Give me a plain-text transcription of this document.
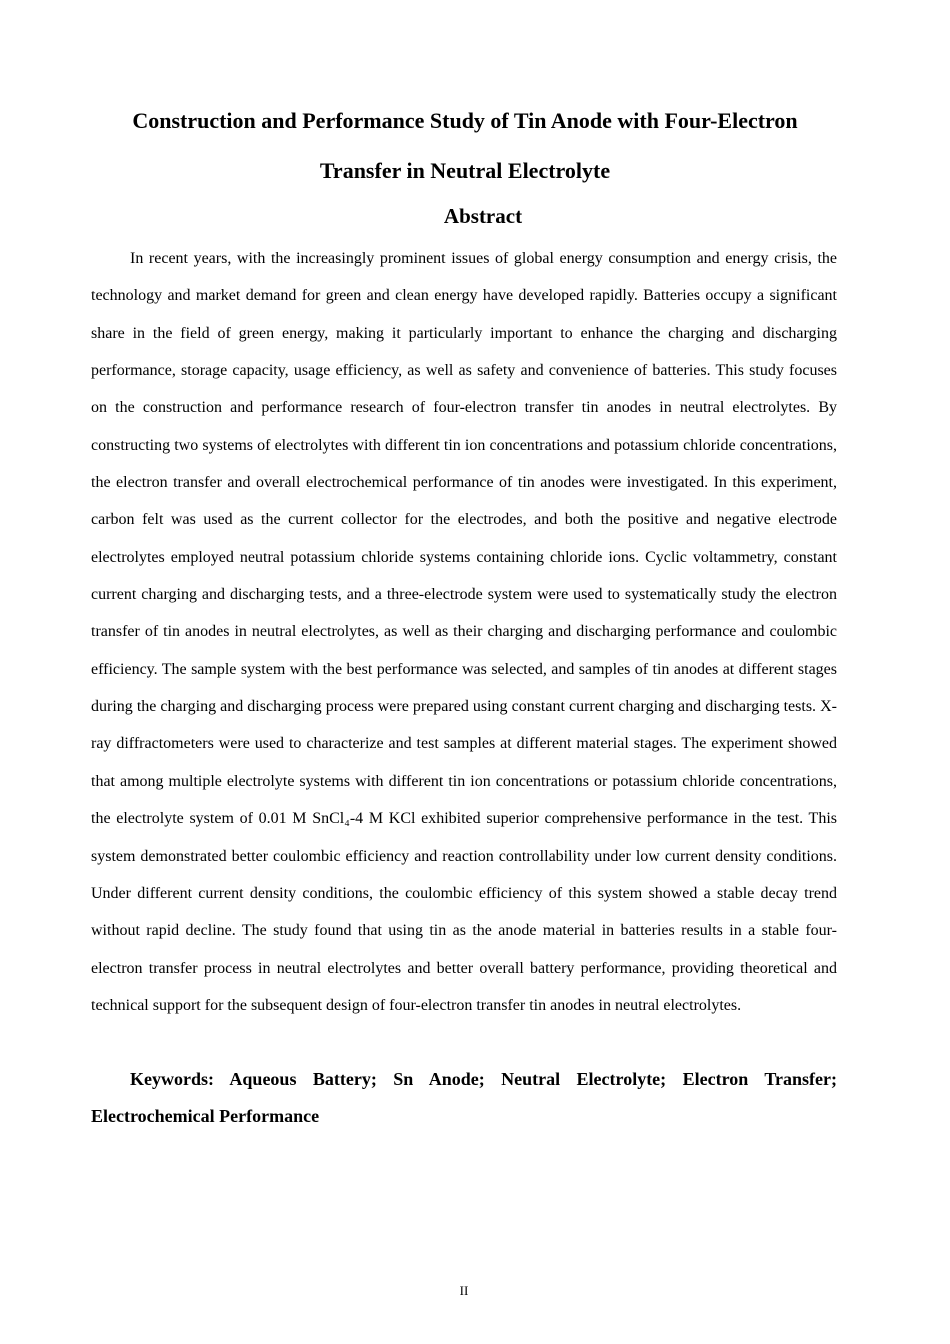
Construction and Performance Study of Tin Anode with Four-Electron Transfer in Neutral Electrolyte
Abstract

In recent years, with the increasingly prominent issues of global energy consumption and energy crisis, the technology and market demand for green and clean energy have developed rapidly. Batteries occupy a significant share in the field of green energy, making it particularly important to enhance the charging and discharging performance, storage capacity, usage efficiency, as well as safety and convenience of batteries. This study focuses on the construction and performance research of four-electron transfer tin anodes in neutral electrolytes. By constructing two systems of electrolytes with different tin ion concentrations and potassium chloride concentrations, the electron transfer and overall electrochemical performance of tin anodes were investigated. In this experiment, carbon felt was used as the current collector for the electrodes, and both the positive and negative electrode electrolytes employed neutral potassium chloride systems containing chloride ions. Cyclic voltammetry, constant current charging and discharging tests, and a three-electrode system were used to systematically study the electron transfer of tin anodes in neutral electrolytes, as well as their charging and discharging performance and coulombic efficiency. The sample system with the best performance was selected, and samples of tin anodes at different stages during the charging and discharging process were prepared using constant current charging and discharging tests. X-ray diffractometers were used to characterize and test samples at different material stages. The experiment showed that among multiple electrolyte systems with different tin ion concentrations or potassium chloride concentrations, the electrolyte system of 0.01 M SnCl₄-4 M KCl exhibited superior comprehensive performance in the test. This system demonstrated better coulombic efficiency and reaction controllability under low current density conditions. Under different current density conditions, the coulombic efficiency of this system showed a stable decay trend without rapid decline. The study found that using tin as the anode material in batteries results in a stable four-electron transfer process in neutral electrolytes and better overall battery performance, providing theoretical and technical support for the subsequent design of four-electron transfer tin anodes in neutral electrolytes.

Keywords: Aqueous Battery; Sn Anode; Neutral Electrolyte; Electron Transfer; Electrochemical Performance

II
